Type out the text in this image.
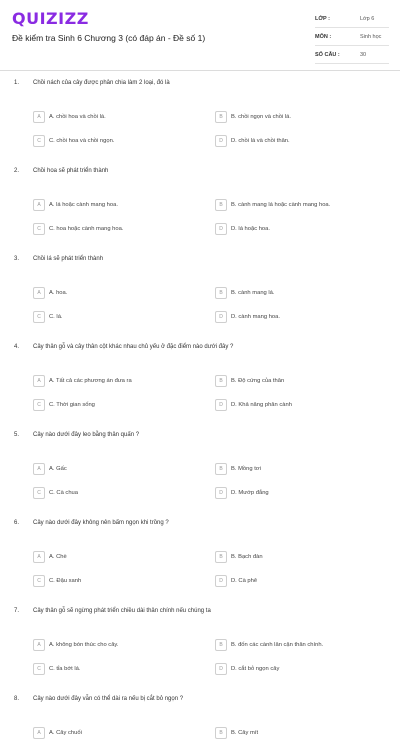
QUIZIZZ
Đề kiểm tra Sinh 6 Chương 3 (có đáp án - Đề số 1)
LỚP :	Lớp 6
MÔN :	Sinh học
SỐ CÂU :	30
1. Chồi nách của cây được phân chia làm 2 loại, đó là
A	A. chồi hoa và chồi lá.	B	B. chồi ngọn và chồi lá.
C	C. chồi hoa và chồi ngọn.	D	D. chồi lá và chồi thân.
2. Chồi hoa sẽ phát triển thành
A	A. lá hoặc cành mang hoa.	B	B. cành mang lá hoặc cành mang hoa.
C	C. hoa hoặc cành mang hoa.	D	D. lá hoặc hoa.
3. Chồi lá sẽ phát triển thành
A	A. hoa.	B	B. cành mang lá.
C	C. lá.	D	D. cành mang hoa.
4. Cây thân gỗ và cây thân cột khác nhau chủ yếu ở đặc điểm nào dưới đây ?
A	A. Tất cả các phương án đưa ra	B	B. Độ cứng của thân
C	C. Thời gian sống	D	D. Khả năng phân cành
5. Cây nào dưới đây leo bằng thân quấn ?
A	A. Gấc	B	B. Mồng tơi
C	C. Cà chua	D	D. Mướp đắng
6. Cây nào dưới đây không nên bấm ngọn khi trồng ?
A	A. Chè	B	B. Bạch đàn
C	C. Đậu xanh	D	D. Cà phê
7. Cây thân gỗ sẽ ngừng phát triển chiều dài thân chính nếu chúng ta
A	A. không bón thúc cho cây.	B	B. đốn các cành lân cận thân chính.
C	C. tỉa bớt lá.	D	D. cắt bỏ ngọn cây
8. Cây nào dưới đây vẫn có thể dài ra nếu bị cắt bỏ ngọn ?
A	A. Cây chuối	B	B. Cây mít
